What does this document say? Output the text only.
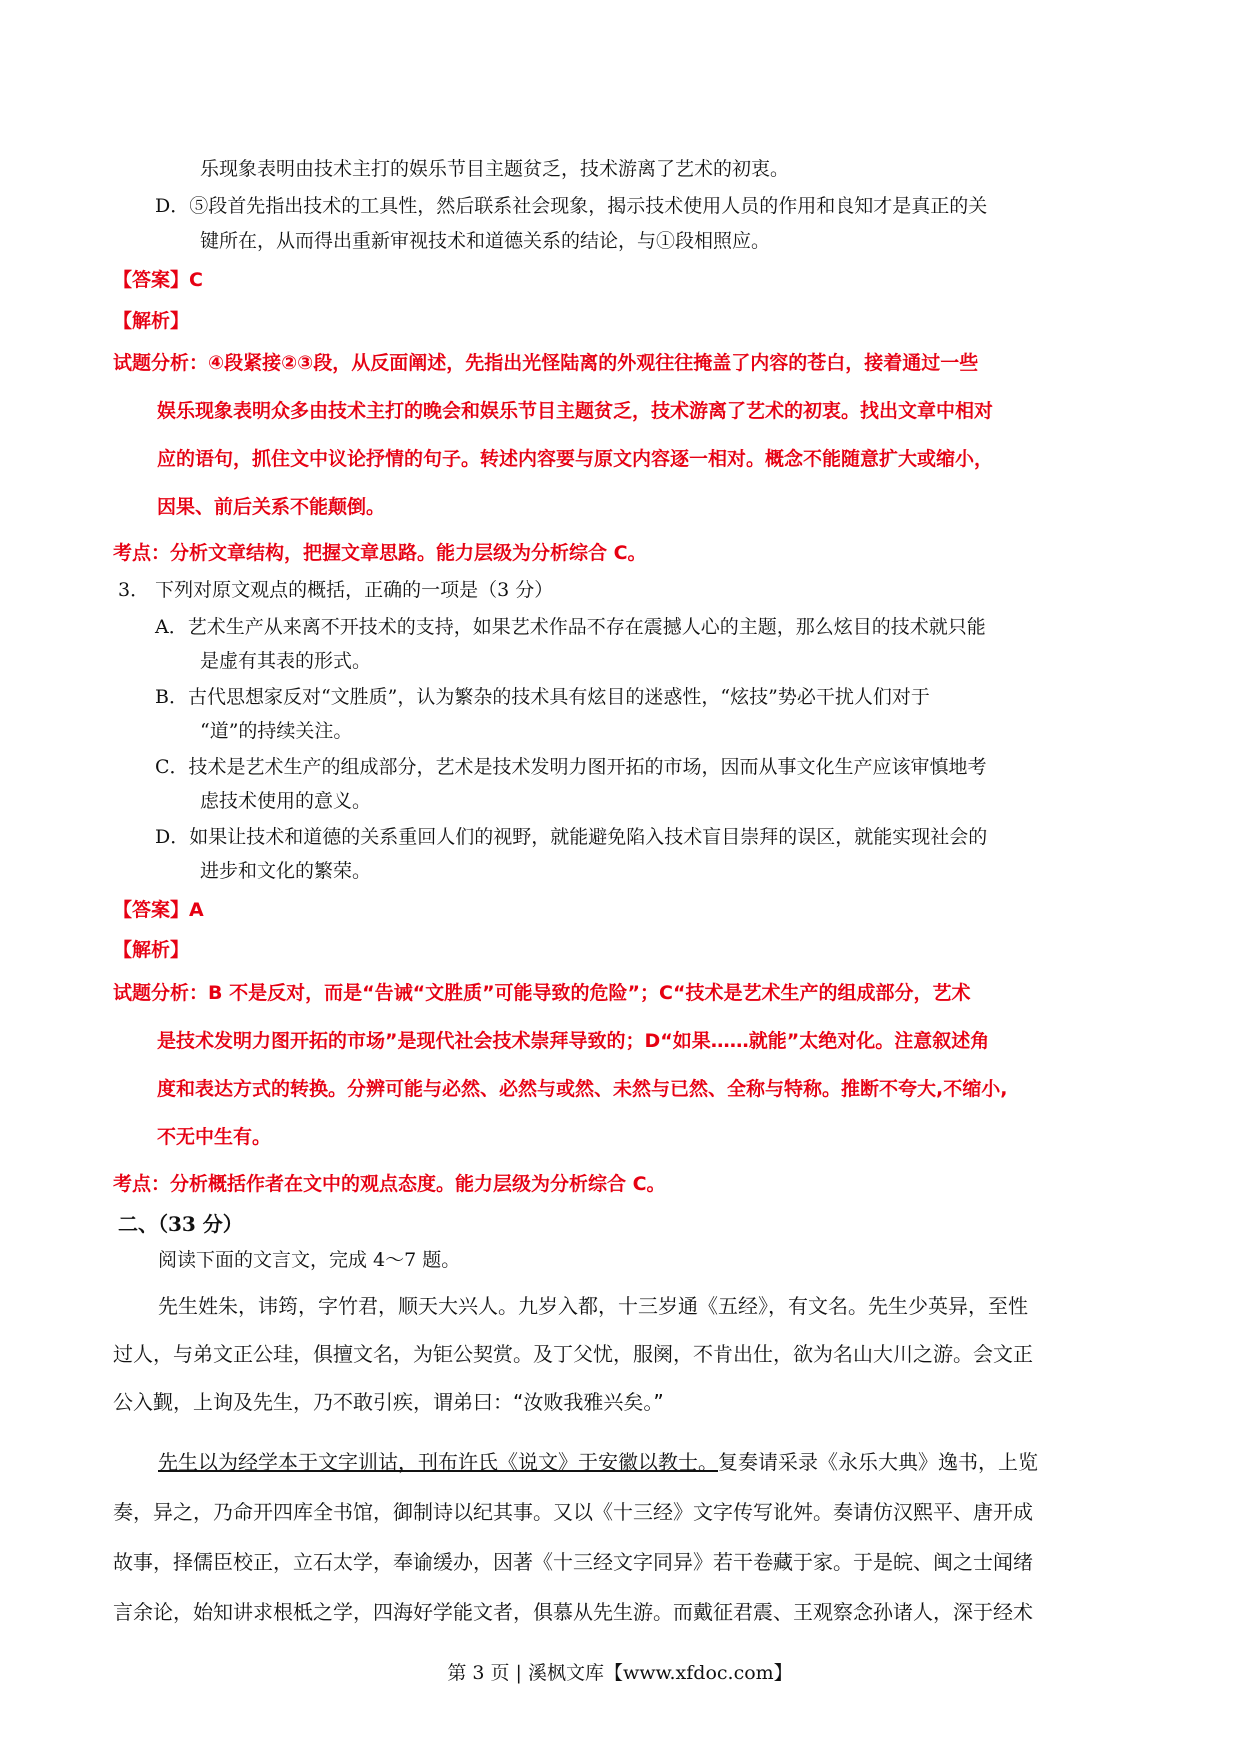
​
乐现象表明由技术主打的娱乐节目主题贫乏，技术游离了艺术的初衷。
D．⑤段首先指出技术的工具性，然后联系社会现象，揭示技术使用人员的作用和良知才是真正的关
键所在，从而得出重新审视技术和道德关系的结论，与①段相照应。
【答案】C
【解析】
试题分析：④段紧接②③段，从反面阐述，先指出光怪陆离的外观往往掩盖了内容的苍白，接着通过一些
娱乐现象表明众多由技术主打的晚会和娱乐节目主题贫乏，技术游离了艺术的初衷。找出文章中相对
应的语句，抓住文中议论抒情的句子。转述内容要与原文内容逐一相对。概念不能随意扩大或缩小，
因果、前后关系不能颠倒。
考点：分析文章结构，把握文章思路。能力层级为分析综合 C。
3． 下列对原文观点的概括，正确的一项是（3 分）
A．艺术生产从来离不开技术的支持，如果艺术作品不存在震撼人心的主题，那么炫目的技术就只能
是虚有其表的形式。
B．古代思想家反对“文胜质”，认为繁杂的技术具有炫目的迷惑性，“炫技”势必干扰人们对于
“道”的持续关注。
C．技术是艺术生产的组成部分，艺术是技术发明力图开拓的市场，因而从事文化生产应该审慎地考
虑技术使用的意义。
D．如果让技术和道德的关系重回人们的视野，就能避免陷入技术盲目崇拜的误区，就能实现社会的
进步和文化的繁荣。
【答案】A
【解析】
试题分析：B 不是反对，而是“告诫“文胜质”可能导致的危险”；C“技术是艺术生产的组成部分，艺术
是技术发明力图开拓的市场”是现代社会技术崇拜导致的；D“如果……就能”太绝对化。注意叙述角
度和表达方式的转换。分辨可能与必然、必然与或然、未然与已然、全称与特称。推断不夸大,不缩小,
不无中生有。
考点：分析概括作者在文中的观点态度。能力层级为分析综合 C。
二、（33 分）
阅读下面的文言文，完成 4～7 题。
先生姓朱，讳筠，字竹君，顺天大兴人。九岁入都，十三岁通《五经》，有文名。先生少英异，至性
过人，与弟文正公珪，俱擅文名，为钜公契赏。及丁父忧，服阕，不肯出仕，欲为名山大川之游。会文正
公入觐，上询及先生，乃不敢引疾，谓弟曰：“汝败我雅兴矣。”
先生以为经学本于文字训诂，刊布许氏《说文》于安徽以教士。复奏请采录《永乐大典》逸书，上览
奏，异之，乃命开四库全书馆，御制诗以纪其事。又以《十三经》文字传写讹舛。奏请仿汉熙平、唐开成
故事，择儒臣校正，立石太学，奉谕缓办，因著《十三经文字同异》若干卷藏于家。于是皖、闽之士闻绪
言余论，始知讲求根柢之学，四海好学能文者，俱慕从先生游。而戴征君震、王观察念孙诸人，深于经术
第 3 页 | 溪枫文库【www.xfdoc.com】
